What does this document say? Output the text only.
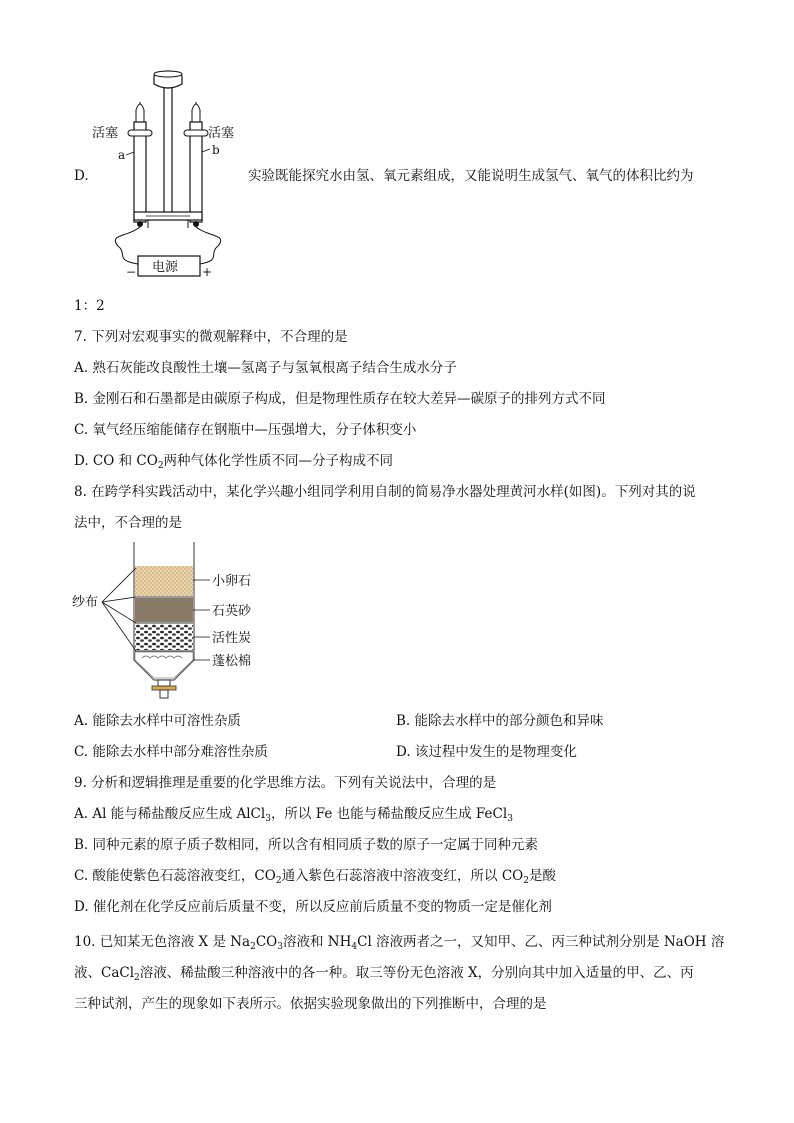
D.
活塞	活塞
a	b
电源
−	+
实验既能探究水由氢、氧元素组成，又能说明生成氢气、氧气的体积比约为
1：2
7. 下列对宏观事实的微观解释中，不合理的是
A. 熟石灰能改良酸性土壤—氢离子与氢氧根离子结合生成水分子
B. 金刚石和石墨都是由碳原子构成，但是物理性质存在较大差异—碳原子的排列方式不同
C. 氧气经压缩能储存在钢瓶中—压强增大，分子体积变小
D. CO 和 $CO_2$两种气体化学性质不同—分子构成不同
8. 在跨学科实践活动中，某化学兴趣小组同学利用自制的简易净水器处理黄河水样(如图)。下列对其的说
法中，不合理的是
纱布
小卵石
石英砂
活性炭
蓬松棉
A. 能除去水样中可溶性杂质	B. 能除去水样中的部分颜色和异味
C. 能除去水样中部分难溶性杂质	D. 该过程中发生的是物理变化
9. 分析和逻辑推理是重要的化学思维方法。下列有关说法中，合理的是
A. Al 能与稀盐酸反应生成 AlCl$_3$，所以 Fe 也能与稀盐酸反应生成 FeCl$_3$
B. 同种元素的原子质子数相同，所以含有相同质子数的原子一定属于同种元素
C. 酸能使紫色石蕊溶液变红，$CO_2$通入紫色石蕊溶液中溶液变红，所以 $CO_2$是酸
D. 催化剂在化学反应前后质量不变，所以反应前后质量不变的物质一定是催化剂
10. 已知某无色溶液 X 是 $Na_2CO_3$溶液和 $NH_4Cl$ 溶液两者之一，又知甲、乙、丙三种试剂分别是 NaOH 溶
液、CaCl$_2$溶液、稀盐酸三种溶液中的各一种。取三等份无色溶液 X，分别向其中加入适量的甲、乙、丙
三种试剂，产生的现象如下表所示。依据实验现象做出的下列推断中，合理的是
